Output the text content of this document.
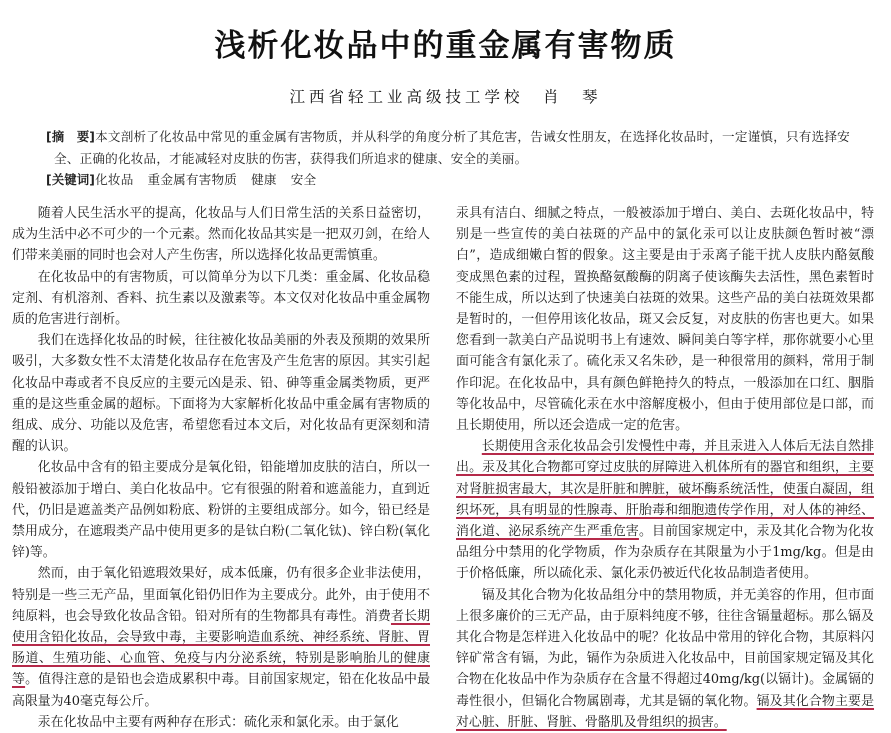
浅析化妆品中的重金属有害物质
江西省轻工业高级技工学校　肖　琴

[摘　要]本文剖析了化妆品中常见的重金属有害物质，并从科学的角度分析了其危害，告诫女性朋友，在选择化妆品时，一定谨慎，只有选择安全、正确的化妆品，才能减轻对皮肤的伤害，获得我们所追求的健康、安全的美丽。

[关键词]化妆品 重金属有害物质 健康 安全

随着人民生活水平的提高，化妆品与人们日常生活的关系日益密切，成为生活中必不可少的一个元素。然而化妆品其实是一把双刃剑，在给人们带来美丽的同时也会对人产生伤害，所以选择化妆品更需慎重。

在化妆品中的有害物质，可以简单分为以下几类：重金属、化妆品稳定剂、有机溶剂、香料、抗生素以及激素等。本文仅对化妆品中重金属物质的危害进行剖析。

我们在选择化妆品的时候，往往被化妆品美丽的外表及预期的效果所吸引，大多数女性不太清楚化妆品存在危害及产生危害的原因。其实引起化妆品中毒或者不良反应的主要元凶是汞、铅、砷等重金属类物质，更严重的是这些重金属的超标。下面将为大家解析化妆品中重金属有害物质的组成、成分、功能以及危害，希望您看过本文后，对化妆品有更深刻和清醒的认识。

化妆品中含有的铅主要成分是氧化铅，铅能增加皮肤的洁白，所以一般铅被添加于增白、美白化妆品中。它有很强的附着和遮盖能力，直到近代，仍旧是遮盖类产品例如粉底、粉饼的主要组成部分。如今，铅已经是禁用成分，在遮瑕类产品中使用更多的是钛白粉(二氧化钛)、锌白粉(氧化锌)等。

然而，由于氧化铅遮瑕效果好，成本低廉，仍有很多企业非法使用，特别是一些三无产品，里面氧化铅仍旧作为主要成分。此外，由于使用不纯原料，也会导致化妆品含铅。铅对所有的生物都具有毒性。消费者长期使用含铅化妆品，会导致中毒，主要影响造血系统、神经系统、肾脏、胃肠道、生殖功能、心血管、免疫与内分泌系统，特别是影响胎儿的健康等。值得注意的是铅也会造成累积中毒。目前国家规定，铅在化妆品中最高限量为40毫克每公斤。

汞在化妆品中主要有两种存在形式：硫化汞和氯化汞。由于氯化

汞具有洁白、细腻之特点，一般被添加于增白、美白、去斑化妆品中，特别是一些宣传的美白祛斑的产品中的氯化汞可以让皮肤颜色暂时被“漂白”，造成细嫩白皙的假象。这主要是由于汞离子能干扰人皮肤内酪氨酸变成黑色素的过程，置换酪氨酸酶的阴离子使该酶失去活性，黑色素暂时不能生成，所以达到了快速美白祛斑的效果。这些产品的美白祛斑效果都是暂时的，一但停用该化妆品，斑又会反复，对皮肤的伤害也更大。如果您看到一款美白产品说明书上有速效、瞬间美白等字样，那你就要小心里面可能含有氯化汞了。硫化汞又名朱砂，是一种很常用的颜料，常用于制作印泥。在化妆品中，具有颜色鲜艳持久的特点，一般添加在口红、胭脂等化妆品中，尽管硫化汞在水中溶解度极小，但由于使用部位是口部，而且长期使用，所以还会造成一定的危害。

长期使用含汞化妆品会引发慢性中毒，并且汞进入人体后无法自然排出。汞及其化合物都可穿过皮肤的屏障进入机体所有的器官和组织，主要对肾脏损害最大，其次是肝脏和脾脏，破坏酶系统活性，使蛋白凝固，组织坏死，具有明显的性腺毒、肝胎毒和细胞遗传学作用，对人体的神经、消化道、泌尿系统产生严重危害。目前国家规定中，汞及其化合物为化妆品组分中禁用的化学物质，作为杂质存在其限量为小于1mg/kg。但是由于价格低廉，所以硫化汞、氯化汞仍被近代化妆品制造者使用。

镉及其化合物为化妆品组分中的禁用物质，并无美容的作用，但市面上很多廉价的三无产品，由于原料纯度不够，往往含镉量超标。那么镉及其化合物是怎样进入化妆品中的呢？化妆品中常用的锌化合物，其原料闪锌矿常含有镉，为此，镉作为杂质进入化妆品中，目前国家规定镉及其化合物在化妆品中作为杂质存在含量不得超过40mg/kg(以镉计)。金属镉的毒性很小，但镉化合物属剧毒，尤其是镉的氧化物。镉及其化合物主要是对心脏、肝脏、肾脏、骨骼肌及骨组织的损害。
